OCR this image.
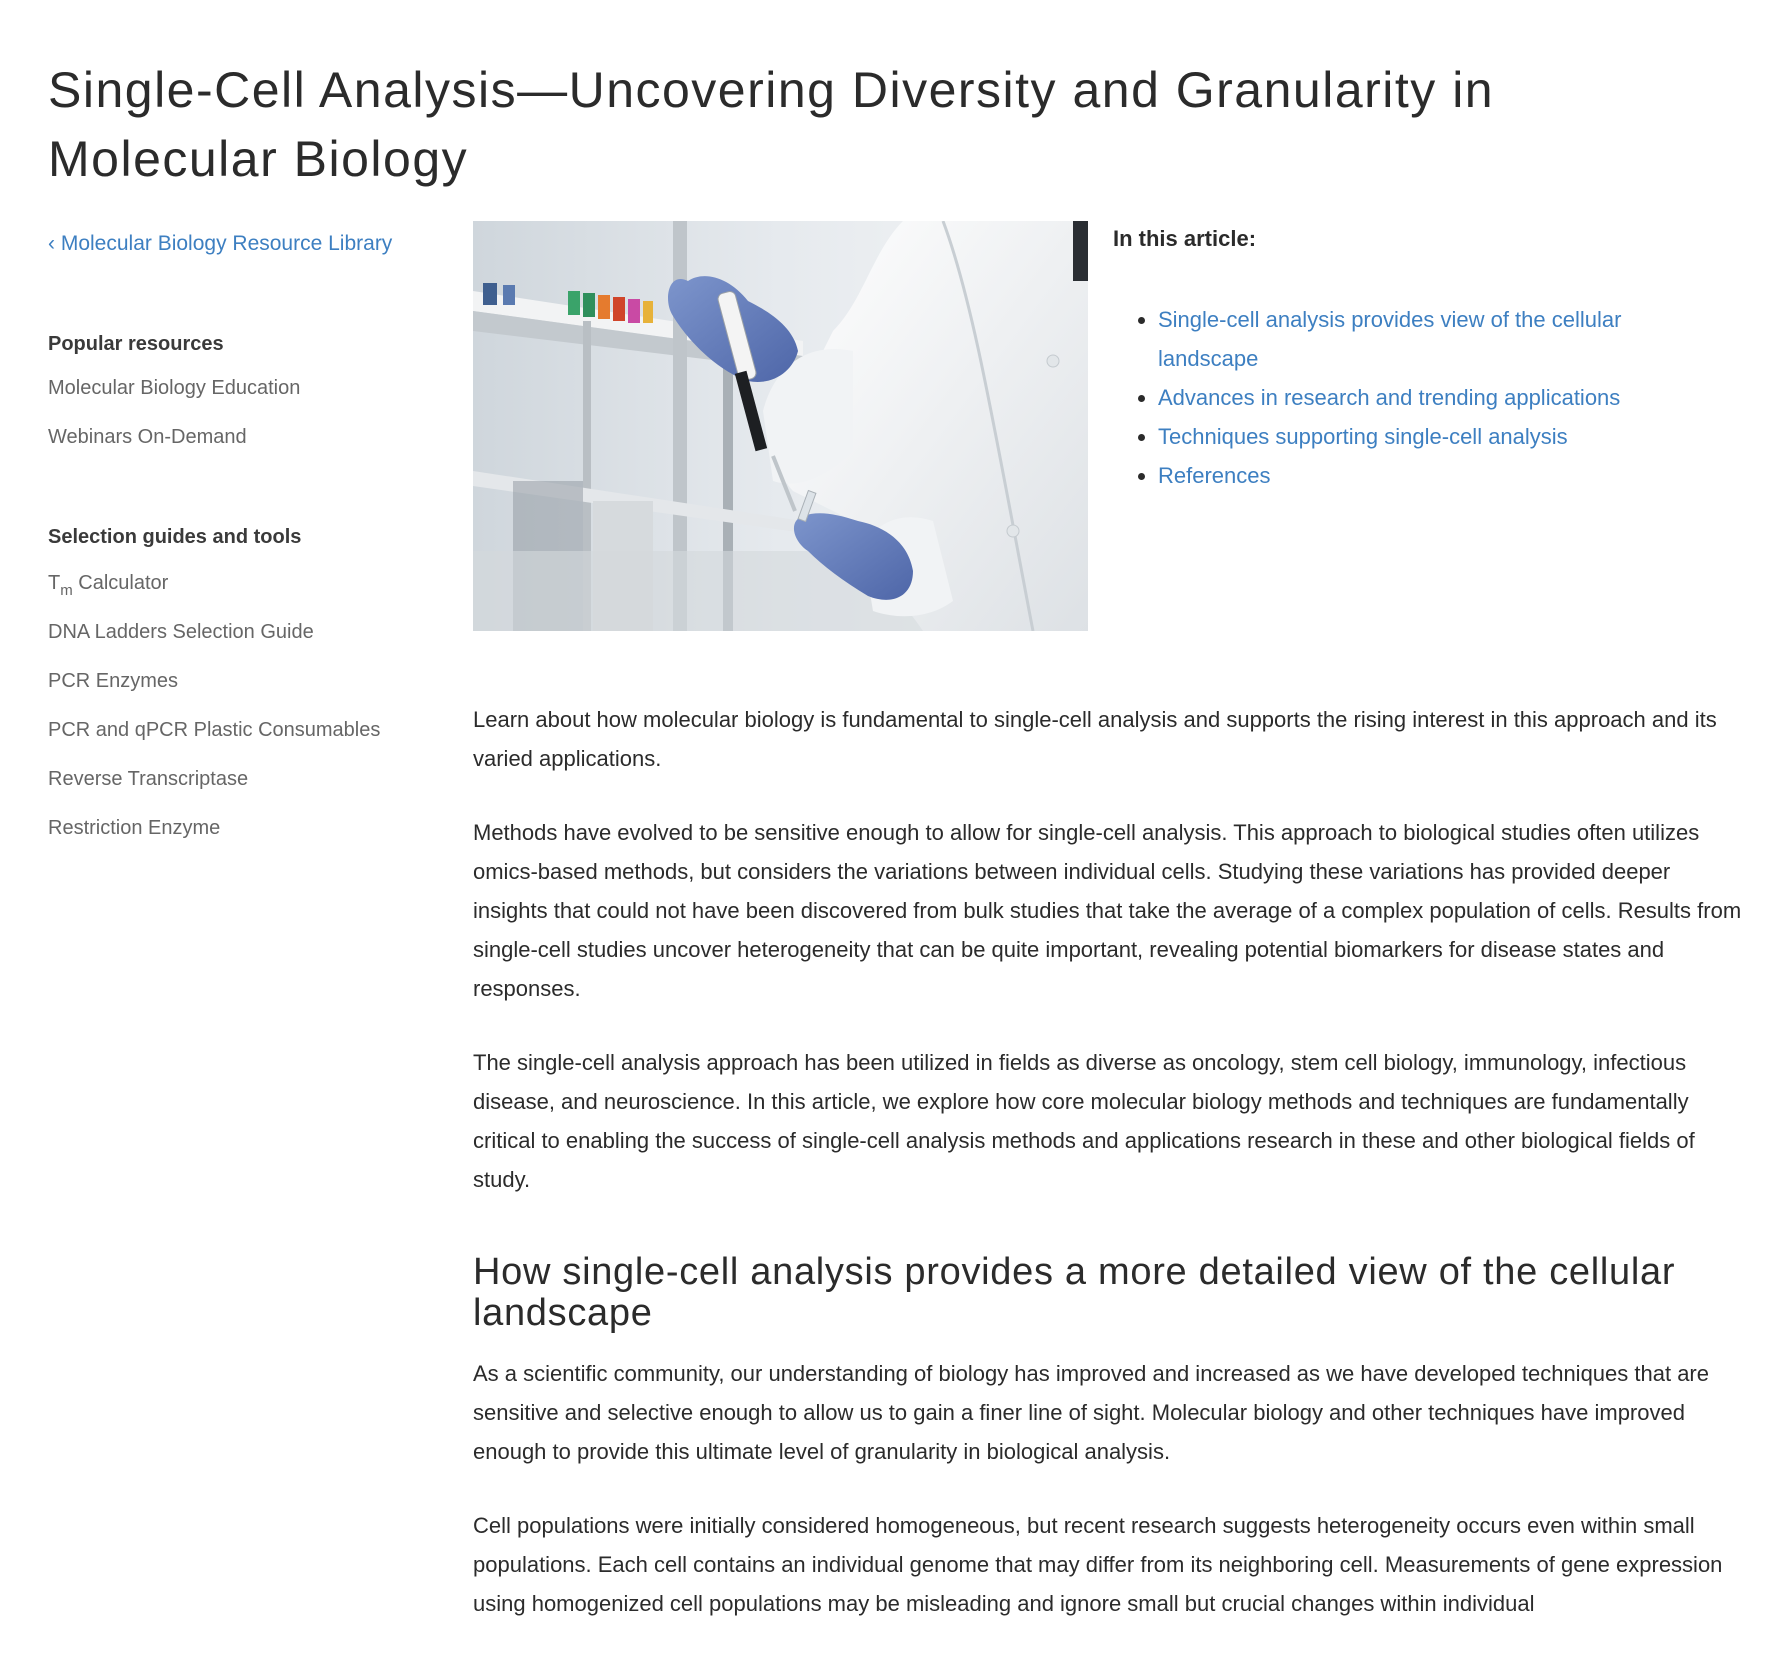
Single-Cell Analysis—Uncovering Diversity and Granularity in Molecular Biology
‹ Molecular Biology Resource Library
Popular resources
Molecular Biology Education
Webinars On-Demand
Selection guides and tools
$T_m$ Calculator
DNA Ladders Selection Guide
PCR Enzymes
PCR and qPCR Plastic Consumables
Reverse Transcriptase
Restriction Enzyme
In this article:
• Single-cell analysis provides view of the cellular landscape
• Advances in research and trending applications
• Techniques supporting single-cell analysis
• References

Learn about how molecular biology is fundamental to single-cell analysis and supports the rising interest in this approach and its varied applications.

Methods have evolved to be sensitive enough to allow for single-cell analysis. This approach to biological studies often utilizes omics-based methods, but considers the variations between individual cells. Studying these variations has provided deeper insights that could not have been discovered from bulk studies that take the average of a complex population of cells. Results from single-cell studies uncover heterogeneity that can be quite important, revealing potential biomarkers for disease states and responses.

The single-cell analysis approach has been utilized in fields as diverse as oncology, stem cell biology, immunology, infectious disease, and neuroscience. In this article, we explore how core molecular biology methods and techniques are fundamentally critical to enabling the success of single-cell analysis methods and applications research in these and other biological fields of study.

How single-cell analysis provides a more detailed view of the cellular landscape

As a scientific community, our understanding of biology has improved and increased as we have developed techniques that are sensitive and selective enough to allow us to gain a finer line of sight. Molecular biology and other techniques have improved enough to provide this ultimate level of granularity in biological analysis.

Cell populations were initially considered homogeneous, but recent research suggests heterogeneity occurs even within small populations. Each cell contains an individual genome that may differ from its neighboring cell. Measurements of gene expression using homogenized cell populations may be misleading and ignore small but crucial changes within individual
